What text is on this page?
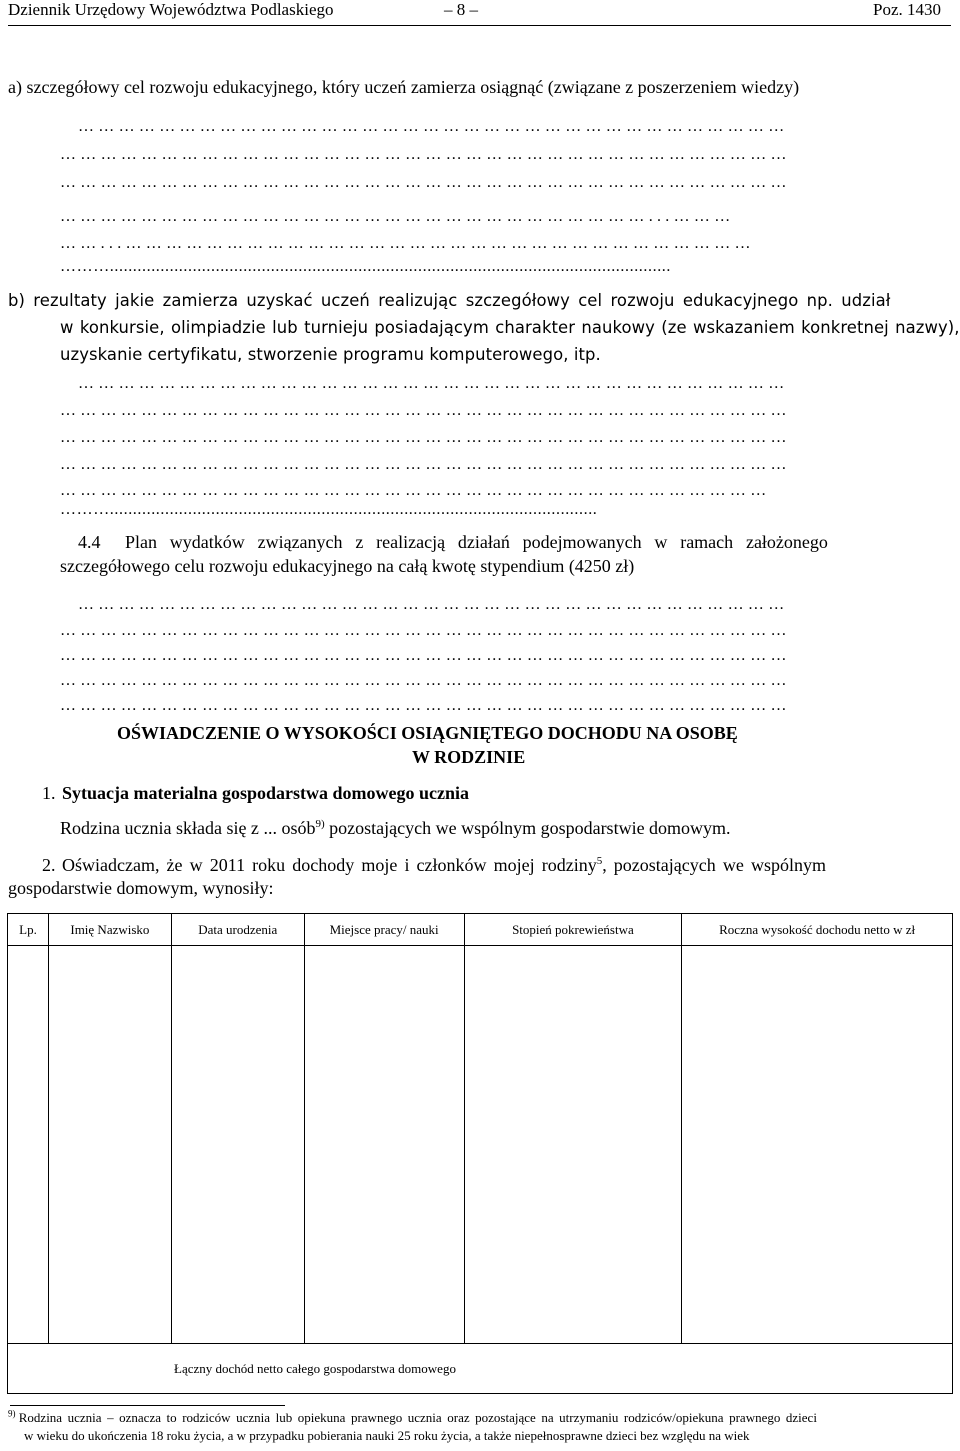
Dziennik Urzędowy Województwa Podlaskiego	– 8 –	Poz. 1430
a) szczegółowy cel rozwoju edukacyjnego, który uczeń zamierza osiągnąć (związane z poszerzeniem wiedzy)
……………………………………………………………………………………………
………………………………………………………………………………………………
………………………………………………………………………………………………
……………………………………………………………………………...………
……...…………………………………………………………………………………
………..........................................................................................................................
b) rezultaty jakie zamierza uzyskać uczeń realizując szczegółowy cel rozwoju edukacyjnego np. udział
w konkursie, olimpiadzie lub turnieju posiadającym charakter naukowy (ze wskazaniem konkretnej nazwy),
uzyskanie certyfikatu, stworzenie programu komputerowego, itp.
……………………………………………………………………………………………
………………………………………………………………………………………………
………………………………………………………………………………………………
………………………………………………………………………………………………
……………………………………………………………………………………………
………..........................................................................................................
4.4 Plan wydatków związanych z realizacją działań podejmowanych w ramach założonego
szczegółowego celu rozwoju edukacyjnego na całą kwotę stypendium (4250 zł)
……………………………………………………………………………………………
………………………………………………………………………………………………
………………………………………………………………………………………………
………………………………………………………………………………………………
………………………………………………………………………………………………
OŚWIADCZENIE O WYSOKOŚCI OSIĄGNIĘTEGO DOCHODU NA OSOBĘ
W RODZINIE
1. Sytuacja materialna gospodarstwa domowego ucznia
Rodzina ucznia składa się z ... osób$^{9)}$ pozostających we wspólnym gospodarstwie domowym.
2. Oświadczam, że w 2011 roku dochody moje i członków mojej rodziny$^5$, pozostających we wspólnym
gospodarstwie domowym, wynosiły:
Lp.	Imię Nazwisko	Data urodzenia	Miejsce pracy/ nauki	Stopień pokrewieństwa	Roczna wysokość dochodu netto w zł

Łączny dochód netto całego gospodarstwa domowego					
$^{9)}$ Rodzina ucznia – oznacza to rodziców ucznia lub opiekuna prawnego ucznia oraz pozostające na utrzymaniu rodziców/opiekuna prawnego dzieci
w wieku do ukończenia 18 roku życia, a w przypadku pobierania nauki 25 roku życia, a także niepełnosprawne dzieci bez względu na wiek
